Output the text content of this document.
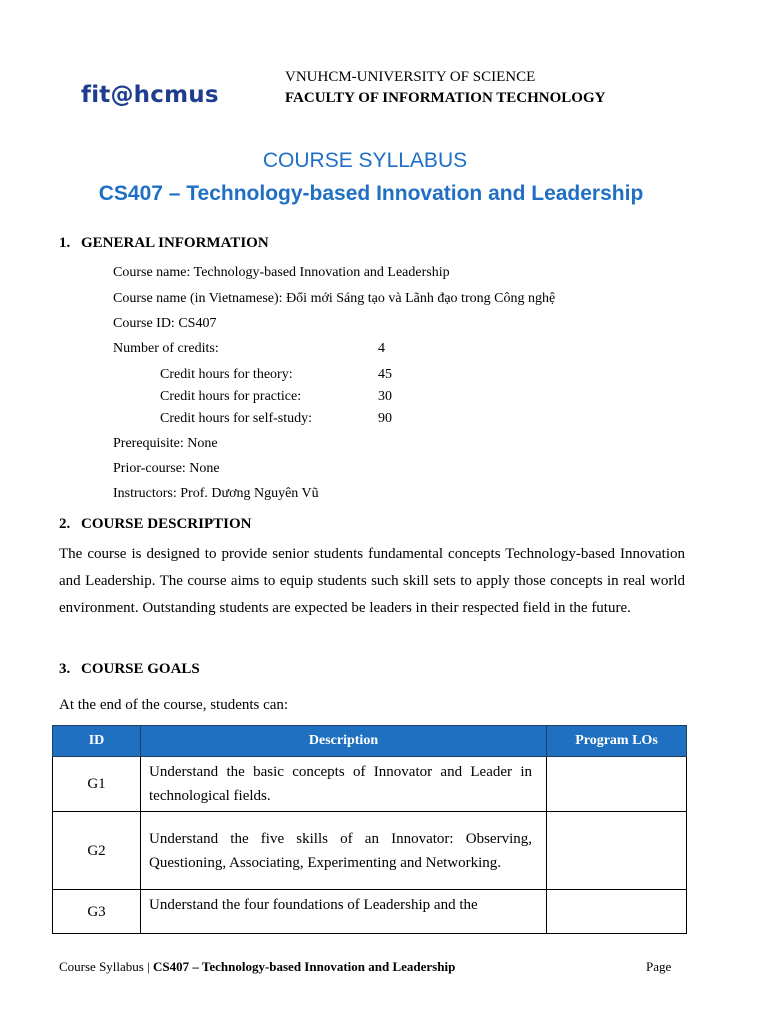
fit@hcmus
VNUHCM-UNIVERSITY OF SCIENCE
FACULTY OF INFORMATION TECHNOLOGY
COURSE SYLLABUS
CS407 – Technology-based Innovation and Leadership
1. GENERAL INFORMATION
Course name: Technology-based Innovation and Leadership
Course name (in Vietnamese): Đổi mới Sáng tạo và Lãnh đạo trong Công nghệ
Course ID: CS407
Number of credits:	4
Credit hours for theory:	45
Credit hours for practice:	30
Credit hours for self-study:	90
Prerequisite: None
Prior-course: None
Instructors: Prof. Dương Nguyên Vũ
2. COURSE DESCRIPTION
The course is designed to provide senior students fundamental concepts Technology-based Innovation and Leadership. The course aims to equip students such skill sets to apply those concepts in real world environment. Outstanding students are expected be leaders in their respected field in the future.
3. COURSE GOALS
At the end of the course, students can:
ID	Description	Program LOs
G1	Understand the basic concepts of Innovator and Leader in technological fields.	
G2	Understand the five skills of an Innovator: Observing, Questioning, Associating, Experimenting and Networking.	
G3	Understand the four foundations of Leadership and the	
Course Syllabus | CS407 – Technology-based Innovation and Leadership	Page
